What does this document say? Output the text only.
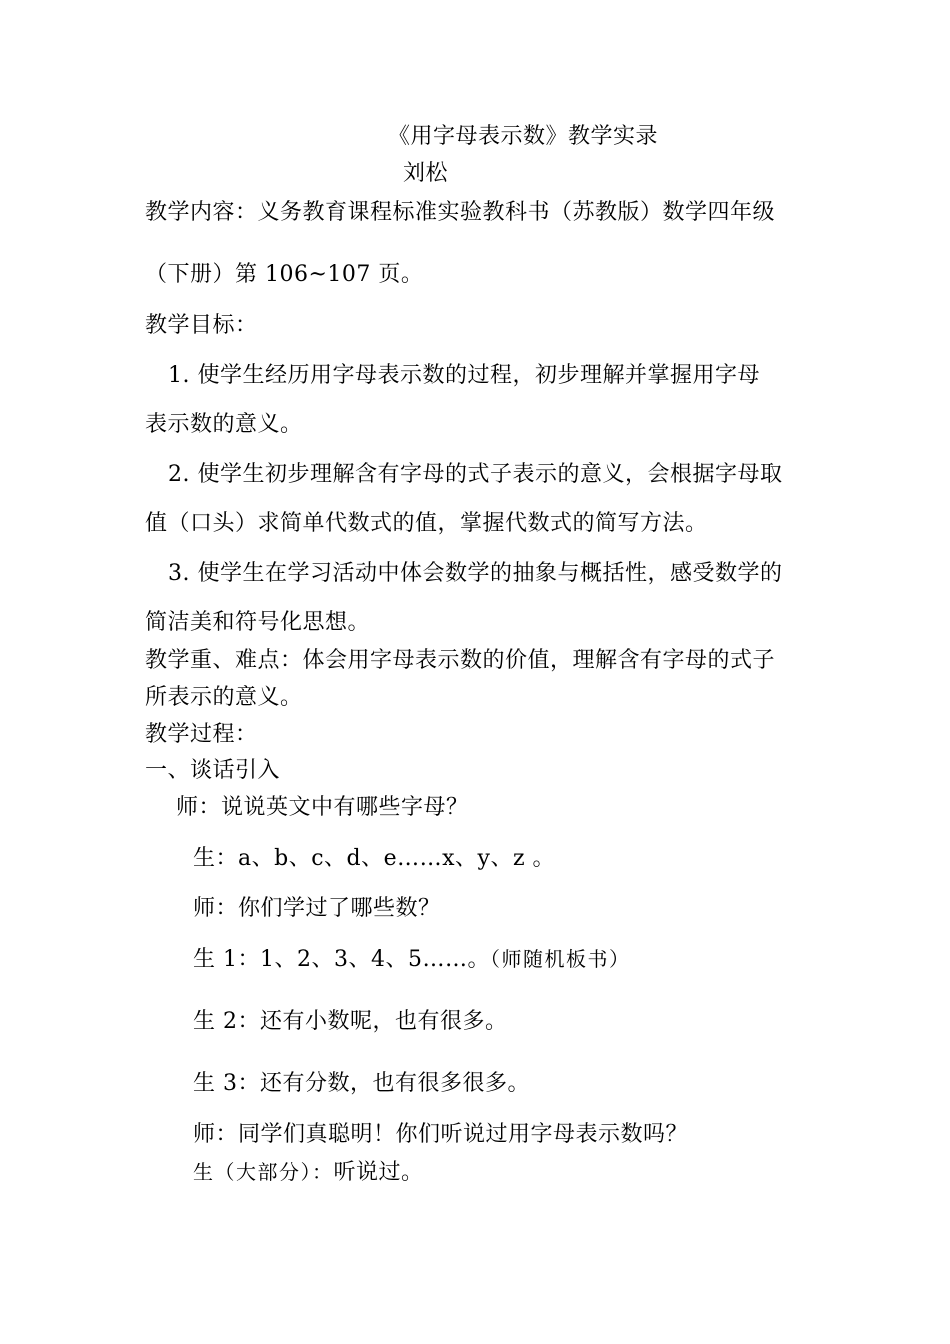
《用字母表示数》教学实录
刘松
教学内容：义务教育课程标准实验教科书（苏教版）数学四年级
（下册）第 106~107 页。
教学目标：
1. 使学生经历用字母表示数的过程，初步理解并掌握用字母
表示数的意义。
2. 使学生初步理解含有字母的式子表示的意义，会根据字母取
值（口头）求简单代数式的值，掌握代数式的简写方法。
3. 使学生在学习活动中体会数学的抽象与概括性，感受数学的
简洁美和符号化思想。
教学重、难点：体会用字母表示数的价值，理解含有字母的式子
所表示的意义。
教学过程：
一、谈话引入
师：说说英文中有哪些字母？
生：a、b、c、d、e……x、y、z 。
师：你们学过了哪些数？
生 1：1、2、3、4、5……。（师随机板书）
生 2：还有小数呢，也有很多。
生 3：还有分数，也有很多很多。
师：同学们真聪明！你们听说过用字母表示数吗？
生（大部分）：听说过。
